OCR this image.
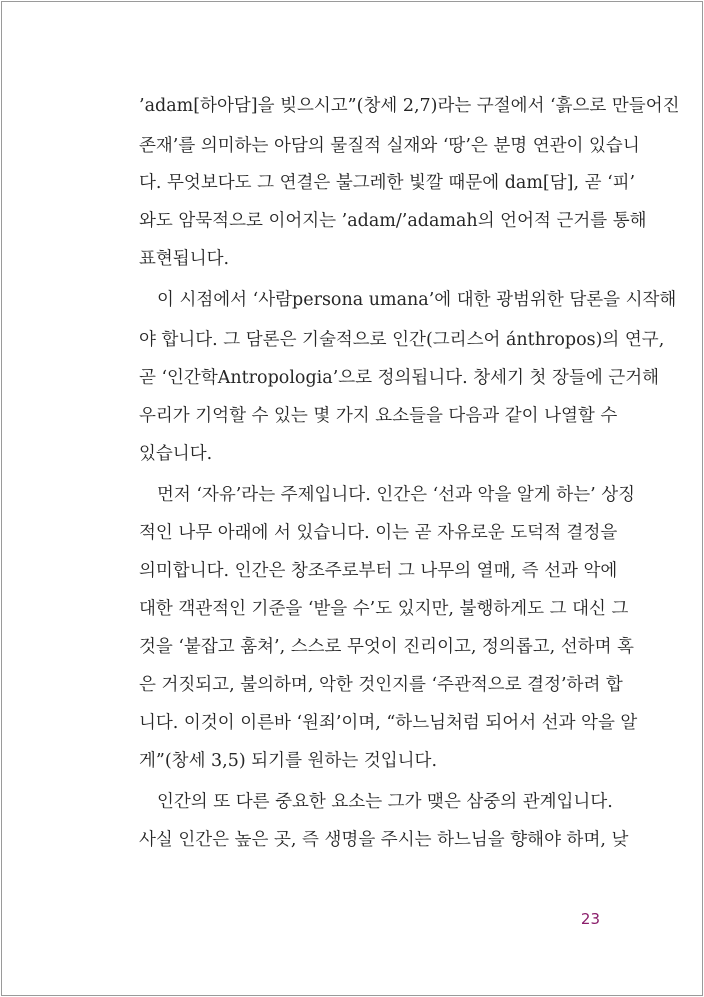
’adam[하아담]을 빚으시고”(창세 2,7)라는 구절에서 ‘흙으로 만들어진
존재’를 의미하는 아담의 물질적 실재와 ‘땅’은 분명 연관이 있습니
다. 무엇보다도 그 연결은 불그레한 빛깔 때문에 dam[담], 곧 ‘피’
와도 암묵적으로 이어지는 ’adam/’adamah의 언어적 근거를 통해
표현됩니다.
이 시점에서 ‘사람persona umana’에 대한 광범위한 담론을 시작해
야 합니다. 그 담론은 기술적으로 인간(그리스어 ánthropos)의 연구,
곧 ‘인간학Antropologia’으로 정의됩니다. 창세기 첫 장들에 근거해
우리가 기억할 수 있는 몇 가지 요소들을 다음과 같이 나열할 수
있습니다.
먼저 ‘자유’라는 주제입니다. 인간은 ‘선과 악을 알게 하는’ 상징
적인 나무 아래에 서 있습니다. 이는 곧 자유로운 도덕적 결정을
의미합니다. 인간은 창조주로부터 그 나무의 열매, 즉 선과 악에
대한 객관적인 기준을 ‘받을 수’도 있지만, 불행하게도 그 대신 그
것을 ‘붙잡고 훔쳐’, 스스로 무엇이 진리이고, 정의롭고, 선하며 혹
은 거짓되고, 불의하며, 악한 것인지를 ‘주관적으로 결정’하려 합
니다. 이것이 이른바 ‘원죄’이며, “하느님처럼 되어서 선과 악을 알
게”(창세 3,5) 되기를 원하는 것입니다.
인간의 또 다른 중요한 요소는 그가 맺은 삼중의 관계입니다.
사실 인간은 높은 곳, 즉 생명을 주시는 하느님을 향해야 하며, 낮
23
